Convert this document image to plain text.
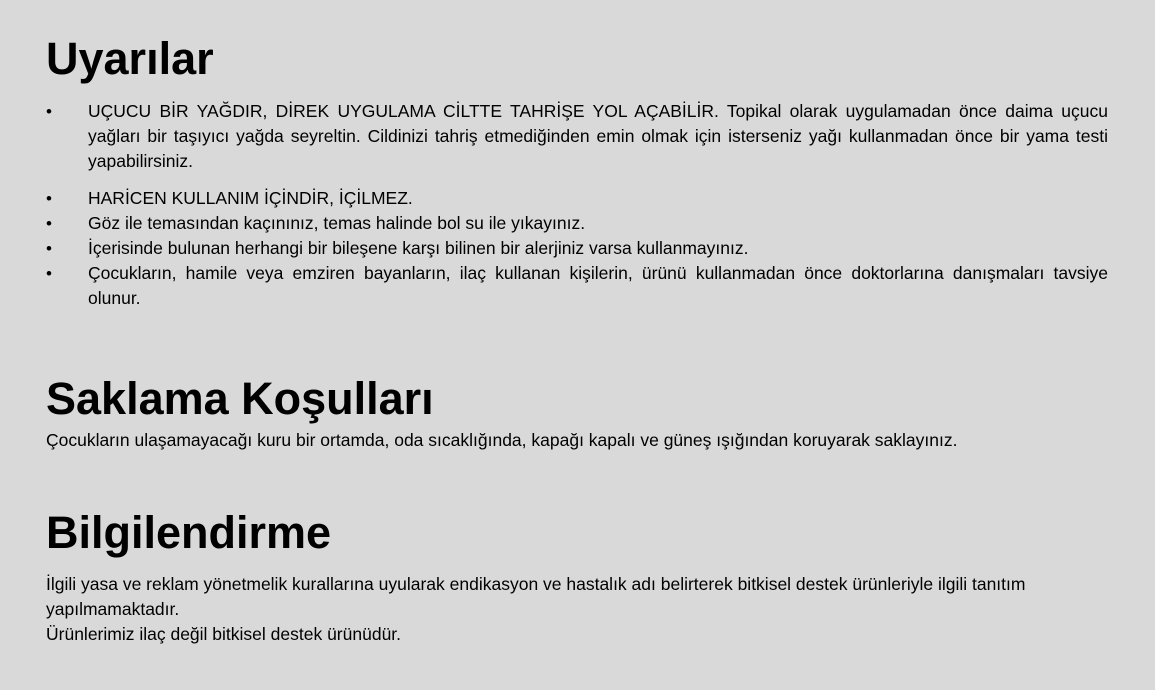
Uyarılar
•	UÇUCU BİR YAĞDIR, DİREK UYGULAMA CİLTTE TAHRİŞE YOL AÇABİLİR. Topikal olarak uygulamadan önce daima uçucu yağları bir taşıyıcı yağda seyreltin. Cildinizi tahriş etmediğinden emin olmak için isterseniz yağı kullanmadan önce bir yama testi yapabilirsiniz.
•	HARİCEN KULLANIM İÇİNDİR, İÇİLMEZ.
•	Göz ile temasından kaçınınız, temas halinde bol su ile yıkayınız.
•	İçerisinde bulunan herhangi bir bileşene karşı bilinen bir alerjiniz varsa kullanmayınız.
•	Çocukların, hamile veya emziren bayanların, ilaç kullanan kişilerin, ürünü kullanmadan önce doktorlarına danışmaları tavsiye olunur.
Saklama Koşulları

Çocukların ulaşamayacağı kuru bir ortamda, oda sıcaklığında, kapağı kapalı ve güneş ışığından koruyarak saklayınız.

Bilgilendirme

İlgili yasa ve reklam yönetmelik kurallarına uyularak endikasyon ve hastalık adı belirterek bitkisel destek ürünleriyle ilgili tanıtım yapılmamaktadır.

Ürünlerimiz ilaç değil bitkisel destek ürünüdür.
